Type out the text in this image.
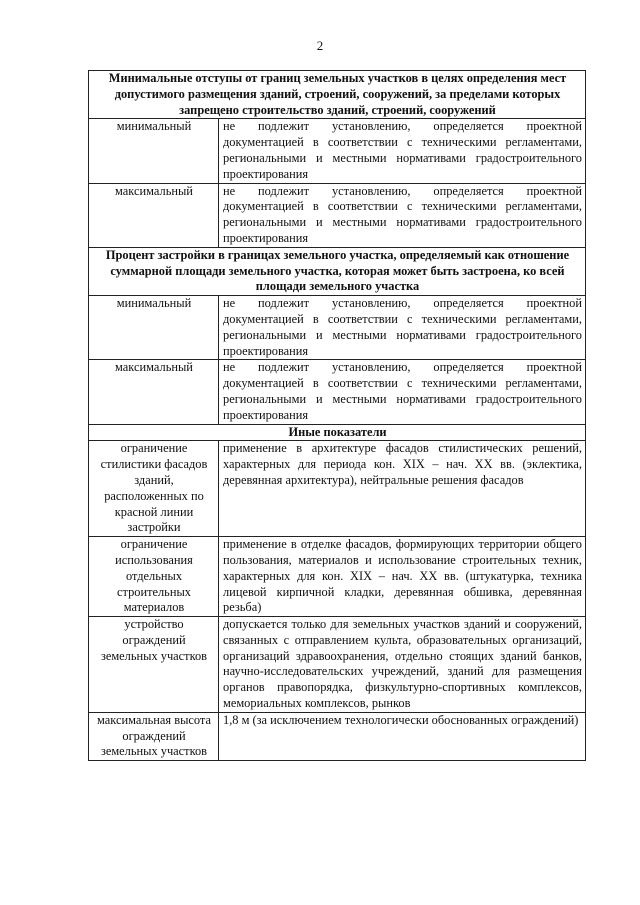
2
Минимальные отступы от границ земельных участков в целях определения мест допустимого размещения зданий, строений, сооружений, за пределами которых запрещено строительство зданий, строений, сооружений	
минимальный	не подлежит установлению, определяется проектной документацией в соответствии с техническими регламентами, региональными и местными нормативами градостроительного проектирования
максимальный	не подлежит установлению, определяется проектной документацией в соответствии с техническими регламентами, региональными и местными нормативами градостроительного проектирования
Процент застройки в границах земельного участка, определяемый как отношение суммарной площади земельного участка, которая может быть застроена, ко всей площади земельного участка	
минимальный	не подлежит установлению, определяется проектной документацией в соответствии с техническими регламентами, региональными и местными нормативами градостроительного проектирования
максимальный	не подлежит установлению, определяется проектной документацией в соответствии с техническими регламентами, региональными и местными нормативами градостроительного проектирования
Иные показатели	
ограничение стилистики фасадов зданий, расположенных по красной линии застройки	применение в архитектуре фасадов стилистических решений, характерных для периода кон. XIX – нач. XX вв. (эклектика, деревянная архитектура), нейтральные решения фасадов
ограничение использования отдельных строительных материалов	применение в отделке фасадов, формирующих территории общего пользования, материалов и использование строительных техник, характерных для кон. XIX – нач. XX вв. (штукатурка, техника лицевой кирпичной кладки, деревянная обшивка, деревянная резьба)
устройство ограждений земельных участков	допускается только для земельных участков зданий и сооружений, связанных с отправлением культа, образовательных организаций, организаций здравоохранения, отдельно стоящих зданий банков, научно-исследовательских учреждений, зданий для размещения органов правопорядка, физкультурно-спортивных комплексов, мемориальных комплексов, рынков
максимальная высота ограждений земельных участков	1,8 м (за исключением технологически обоснованных ограждений)
